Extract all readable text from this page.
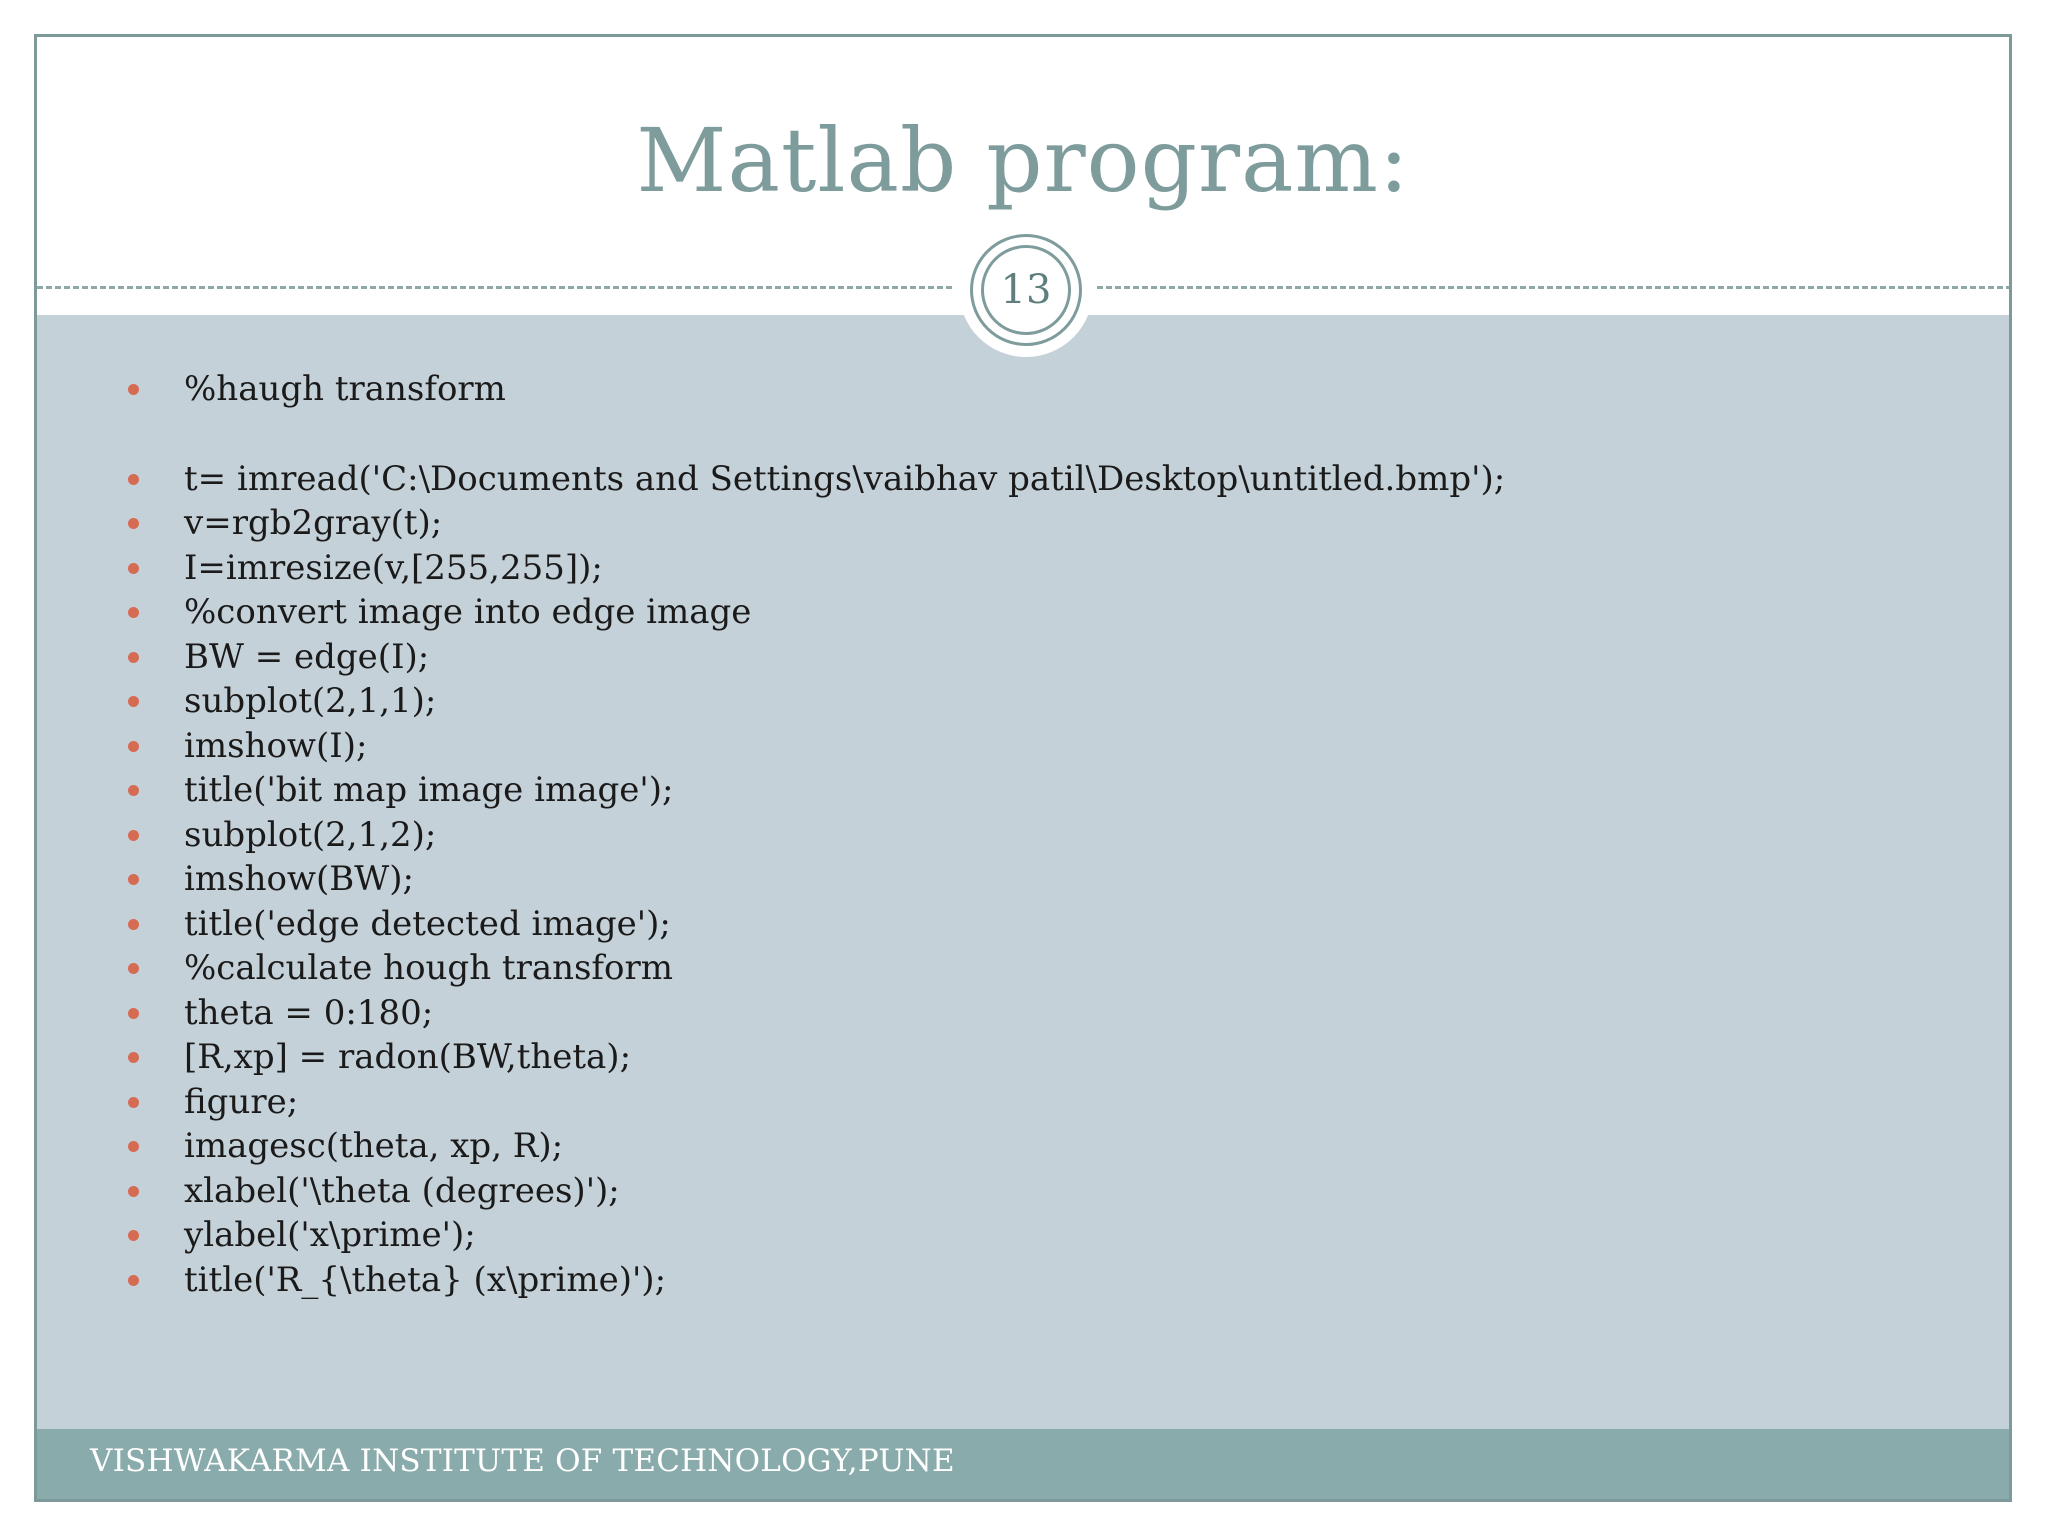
Matlab program:
%haugh transform
t= imread('C:\Documents and Settings\vaibhav patil\Desktop\untitled.bmp');
v=rgb2gray(t);
I=imresize(v,[255,255]);
%convert image into edge image
BW = edge(I);
subplot(2,1,1);
imshow(I);
title('bit map image image');
subplot(2,1,2);
imshow(BW);
title('edge detected image');
%calculate hough transform
theta = 0:180;
[R,xp] = radon(BW,theta);
figure;
imagesc(theta, xp, R);
xlabel('\theta (degrees)');
ylabel('x\prime');
title('R_{\theta} (x\prime)');
13
VISHWAKARMA INSTITUTE OF TECHNOLOGY,PUNE
